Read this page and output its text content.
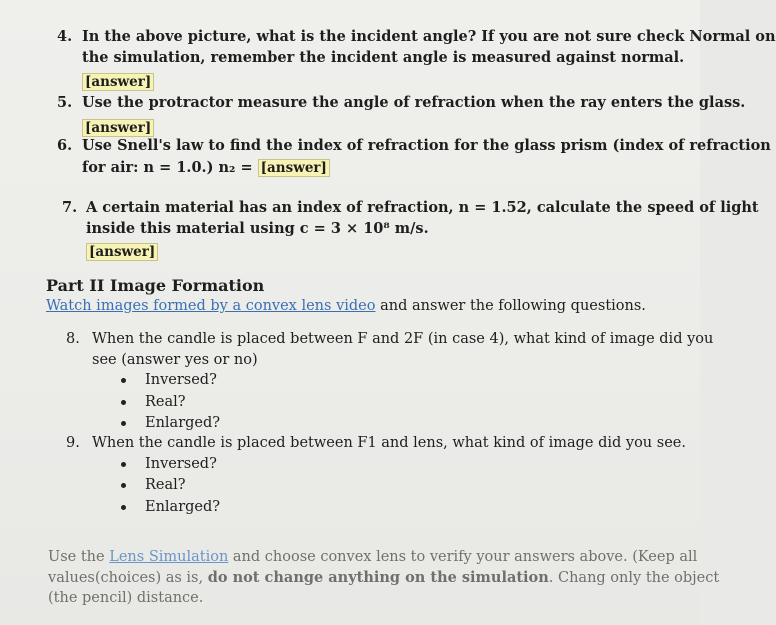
4. In the above picture, what is the incident angle? If you are not sure check Normal on
the simulation, remember the incident angle is measured against normal.
[answer]
5. Use the protractor measure the angle of refraction when the ray enters the glass.
[answer]
6. Use Snell's law to find the index of refraction for the glass prism (index of refraction
for air: n = 1.0.) n₂ = [answer]
7. A certain material has an index of refraction, n = 1.52, calculate the speed of light
inside this material using c = 3 × 10⁸ m/s.
[answer]
Part II Image Formation
Watch images formed by a convex lens video and answer the following questions.
8. When the candle is placed between F and 2F (in case 4), what kind of image did you
see (answer yes or no)
Inversed?
Real?
Enlarged?
9. When the candle is placed between F1 and lens, what kind of image did you see.
Inversed?
Real?
Enlarged?
Use the Lens Simulation and choose convex lens to verify your answers above. (Keep all
values(choices) as is, do not change anything on the simulation. Chang only the object
(the pencil) distance.
